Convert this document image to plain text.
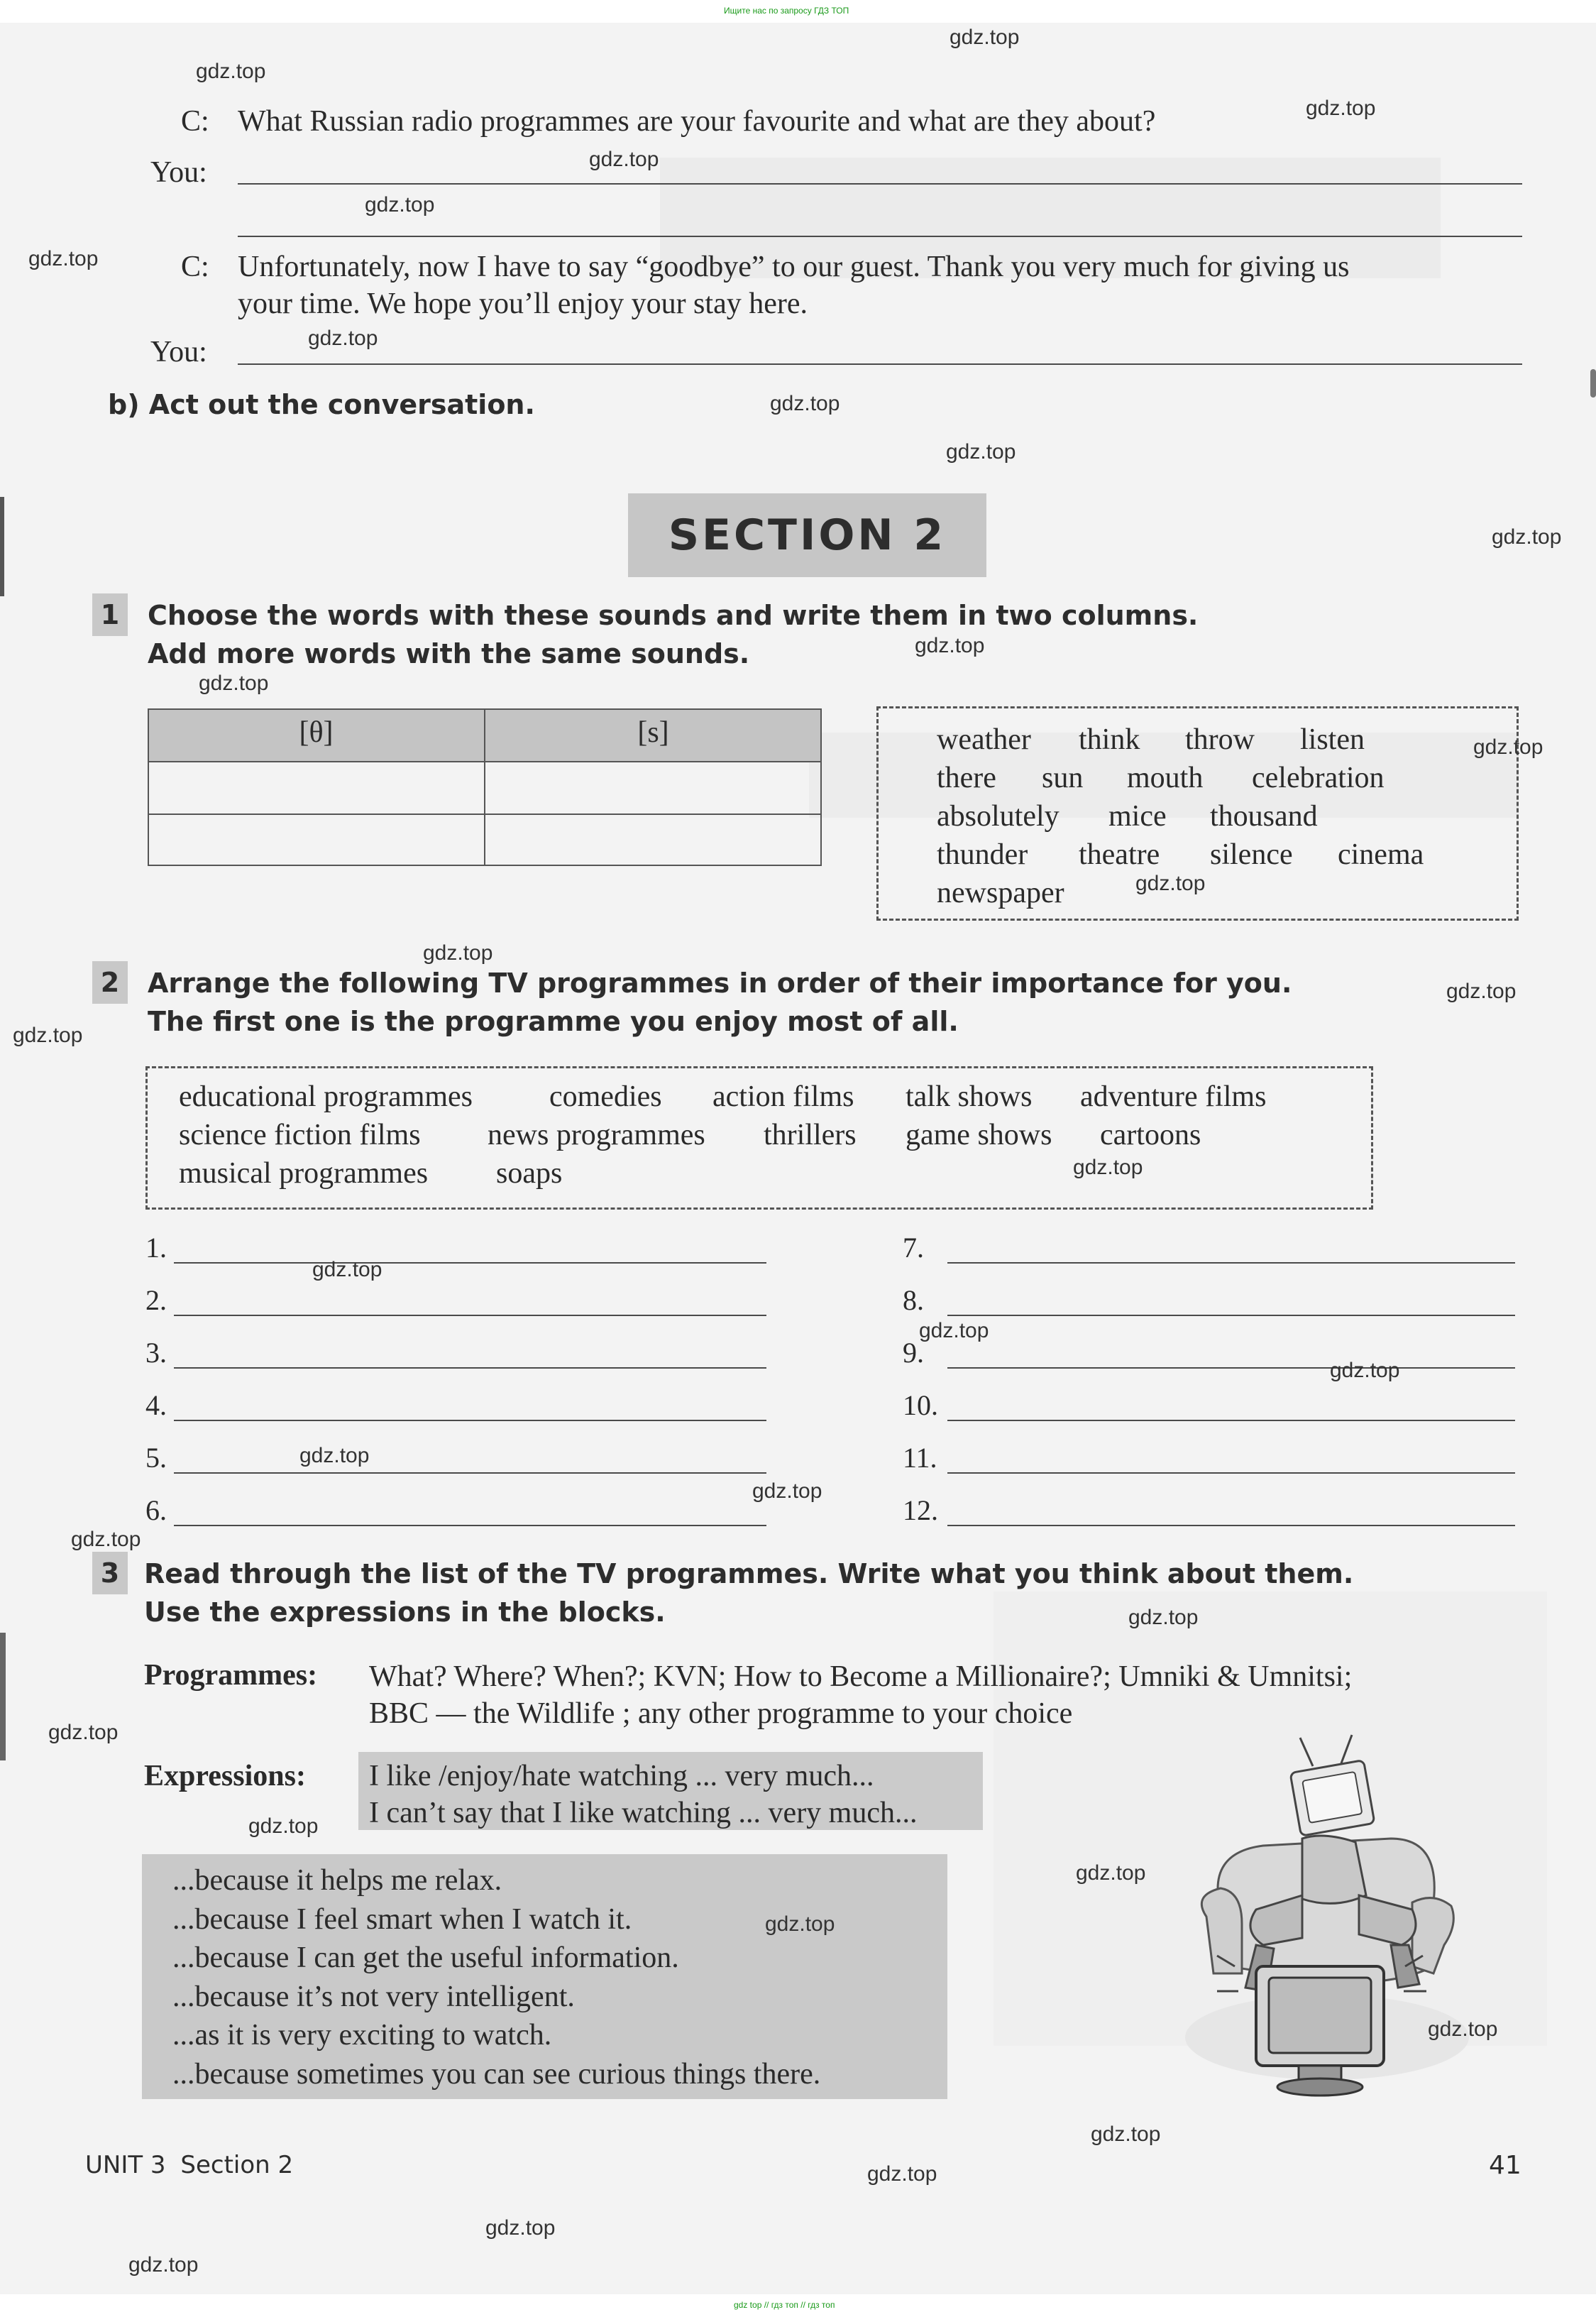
Ищите нас по запросу ГДЗ ТОП
C: What Russian radio programmes are your favourite and what are they about?
You:
C: Unfortunately, now I have to say “goodbye” to our guest. Thank you very much for giving us
your time. We hope you’ll enjoy your stay here.
You:
b) Act out the conversation.
SECTION 2
1	Choose the words with these sounds and write them in two columns.
Add more words with the same sounds.
[θ]	[s]	weather think throw listen
there sun mouth celebration
absolutely mice thousand
thunder theatre silence cinema
newspaper
2	Arrange the following TV programmes in order of their importance for you.
The first one is the programme you enjoy most of all.
educational programmes	comedies action films talk shows adventure films
science fiction films news programmes thrillers game shows cartoons
musical programmes soaps
1.
2.
3.
4.
5.
6.
7.
8.
9.
10.
11.
12.
3 Read through the list of the TV programmes. Write what you think about them.
Use the expressions in the blocks.
Programmes: What? Where? When?; KVN; How to Become a Millionaire?; Umniki & Umnitsi;
BBC — the Wildlife ; any other programme to your choice
Expressions: I like /enjoy/hate watching ... very much...
I can’t say that I like watching ... very much...
...because it helps me relax.
...because I feel smart when I watch it.
...because I can get the useful information.
...because it’s not very intelligent.
...as it is very exciting to watch.
...because sometimes you can see curious things there.
UNIT 3 Section 2	41
gdz.top
gdz.top
gdz.top
gdz.top
gdz.top
gdz.top
gdz.top
gdz.top
gdz.top
gdz.top
gdz.top
gdz.top
gdz.top
gdz.top
gdz.top
gdz.top
gdz.top
gdz.top
gdz.top
gdz.top
gdz.top
gdz.top
gdz.top
gdz.top
gdz.top
gdz.top
gdz.top
gdz.top
gdz.top
gdz.top
gdz.top
gdz.top
gdz.top
gdz.top
gdz top // гдз топ // гдз топ
